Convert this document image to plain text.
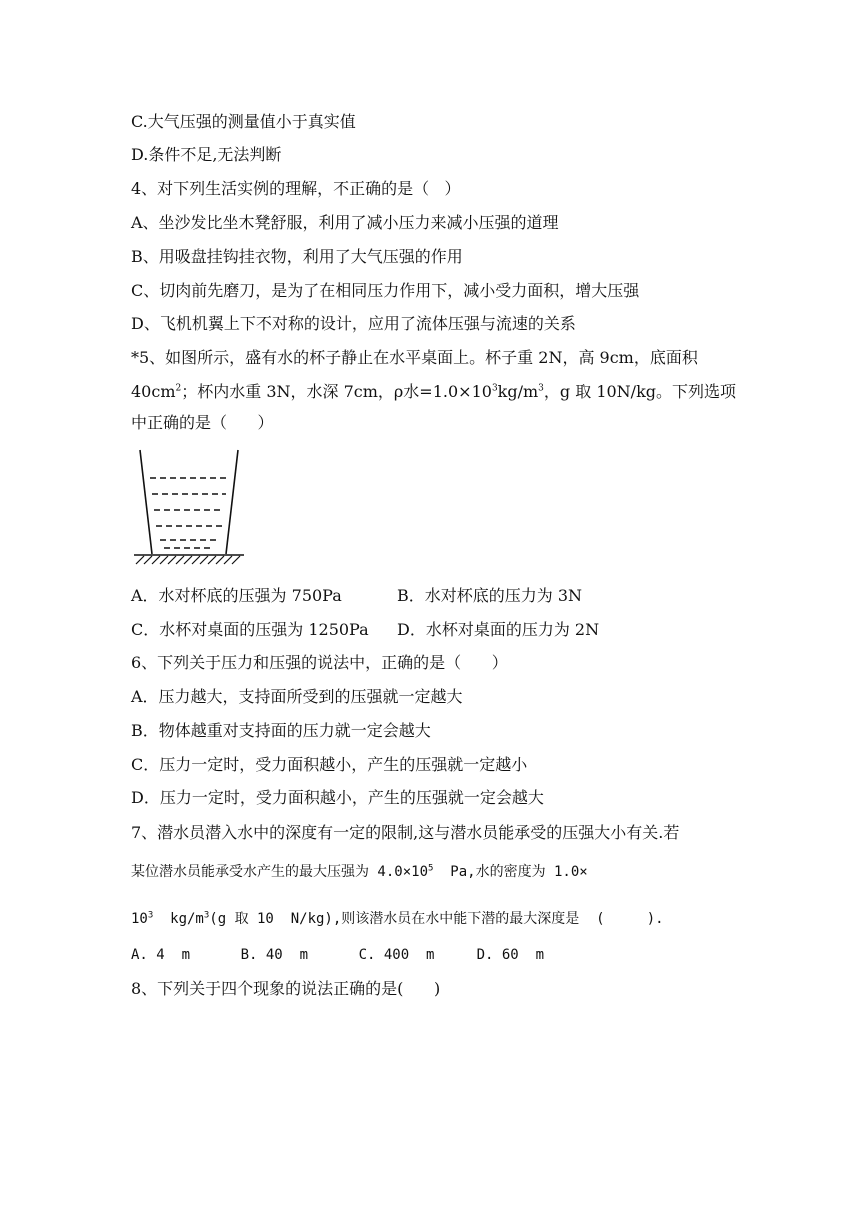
C.大气压强的测量值小于真实值
D.条件不足,无法判断
4、对下列生活实例的理解，不正确的是（   ）
A、坐沙发比坐木凳舒服，利用了减小压力来减小压强的道理
B、用吸盘挂钩挂衣物，利用了大气压强的作用
C、切肉前先磨刀，是为了在相同压力作用下，减小受力面积，增大压强
D、飞机机翼上下不对称的设计，应用了流体压强与流速的关系
*5、如图所示，盛有水的杯子静止在水平桌面上。杯子重 2N，高 9cm，底面积
$40cm^2$；杯内水重 3N，水深 7cm，ρ水$=1.0\times 10^3kg/m^3$，g 取 10N/kg。下列选项
中正确的是（      ）
A．水对杯底的压强为 750Pa	B．水对杯底的压力为 3N
C．水杯对桌面的压强为 1250Pa D．水杯对桌面的压力为 2N
6、下列关于压力和压强的说法中，正确的是（      ）
A．压力越大，支持面所受到的压强就一定越大
B．物体越重对支持面的压力就一定会越大
C．压力一定时，受力面积越小，产生的压强就一定越小
D．压力一定时，受力面积越小，产生的压强就一定会越大
7、潜水员潜入水中的深度有一定的限制,这与潜水员能承受的压强大小有关.若
某位潜水员能承受水产生的最大压强为 $4.0\times 10^5$  Pa,水的密度为 1.0×
$10^3$  $kg/m^3(g$ 取 10  N/kg),则该潜水员在水中能下潜的最大深度是  (     ).
A. 4  m      B. 40  m      C. 400  m     D. 60  m
8、下列关于四个现象的说法正确的是(      )
